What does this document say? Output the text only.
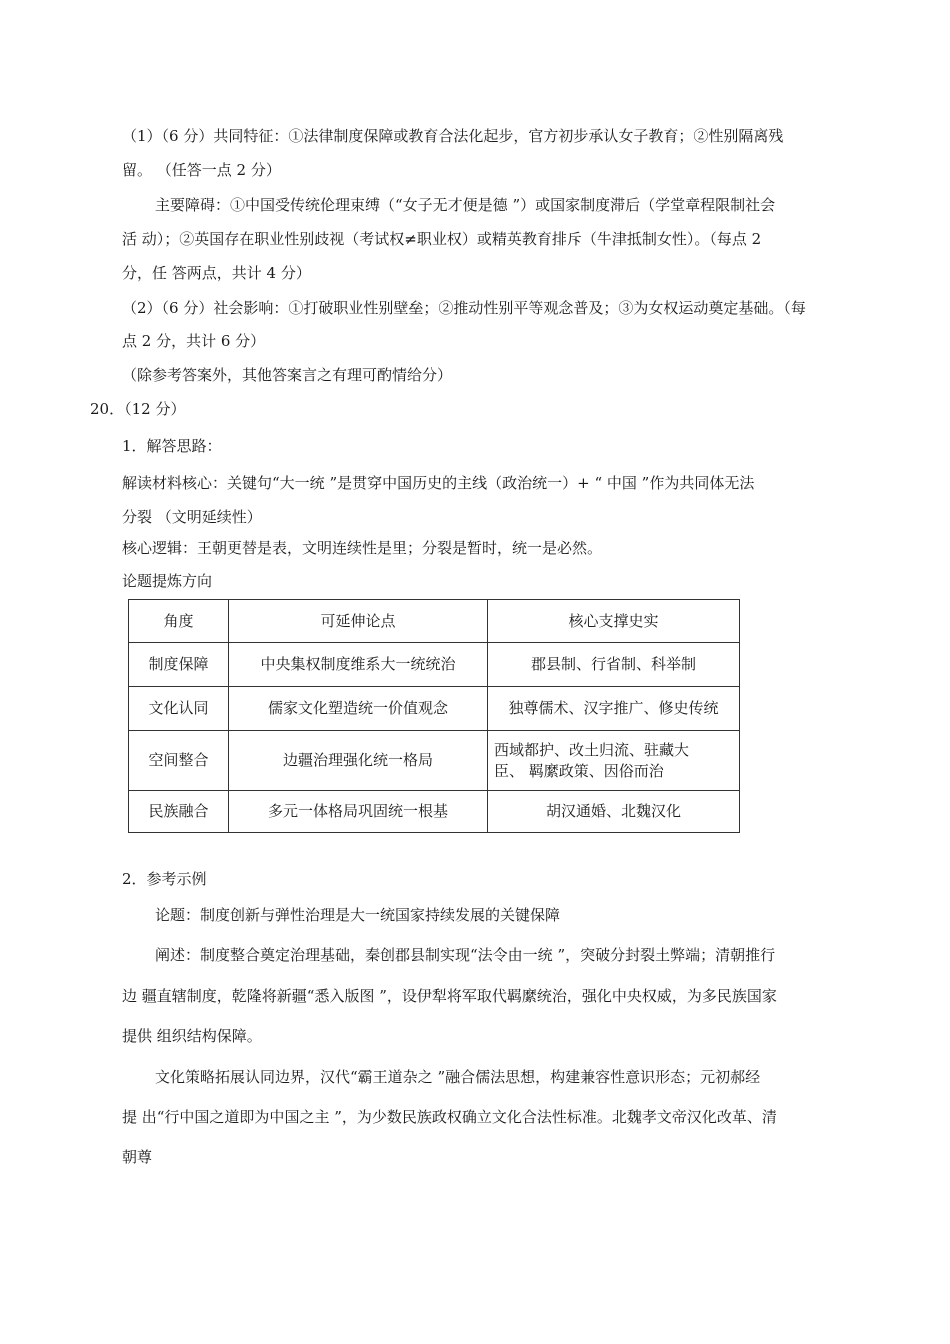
（1）（6 分）共同特征：①法律制度保障或教育合法化起步，官方初步承认女子教育；②性别隔离残
留。 （任答一点 2 分）
主要障碍：①中国受传统伦理束缚（“女子无才便是德 ”）或国家制度滞后（学堂章程限制社会
活 动）；②英国存在职业性别歧视（考试权≠职业权）或精英教育排斥（牛津抵制女性）。（每点 2
分，任 答两点，共计 4 分）
（2）（6 分）社会影响：①打破职业性别壁垒；②推动性别平等观念普及；③为女权运动奠定基础。（每
点 2 分，共计 6 分）
（除参考答案外，其他答案言之有理可酌情给分）
20．（12 分）
1．解答思路：
解读材料核心：关键句“大一统 ”是贯穿中国历史的主线（政治统一）+ “ 中国 ”作为共同体无法
分裂 （文明延续性）
核心逻辑：王朝更替是表，文明连续性是里；分裂是暂时，统一是必然。
论题提炼方向
角度	可延伸论点	核心支撑史实
制度保障	中央集权制度维系大一统统治	郡县制、行省制、科举制
文化认同	儒家文化塑造统一价值观念	独尊儒术、汉字推广、修史传统
空间整合	边疆治理强化统一格局	西域都护、改土归流、驻藏大
臣、 羁縻政策、因俗而治

民族融合	多元一体格局巩固统一根基	胡汉通婚、北魏汉化
2．参考示例
论题：制度创新与弹性治理是大一统国家持续发展的关键保障
阐述：制度整合奠定治理基础，秦创郡县制实现“法令由一统 ”，突破分封裂土弊端；清朝推行
边 疆直辖制度，乾隆将新疆“悉入版图 ”，设伊犁将军取代羁縻统治，强化中央权威，为多民族国家
提供 组织结构保障。
文化策略拓展认同边界，汉代“霸王道杂之 ”融合儒法思想，构建兼容性意识形态；元初郝经
提 出“行中国之道即为中国之主 ”，为少数民族政权确立文化合法性标准。北魏孝文帝汉化改革、清
朝尊
